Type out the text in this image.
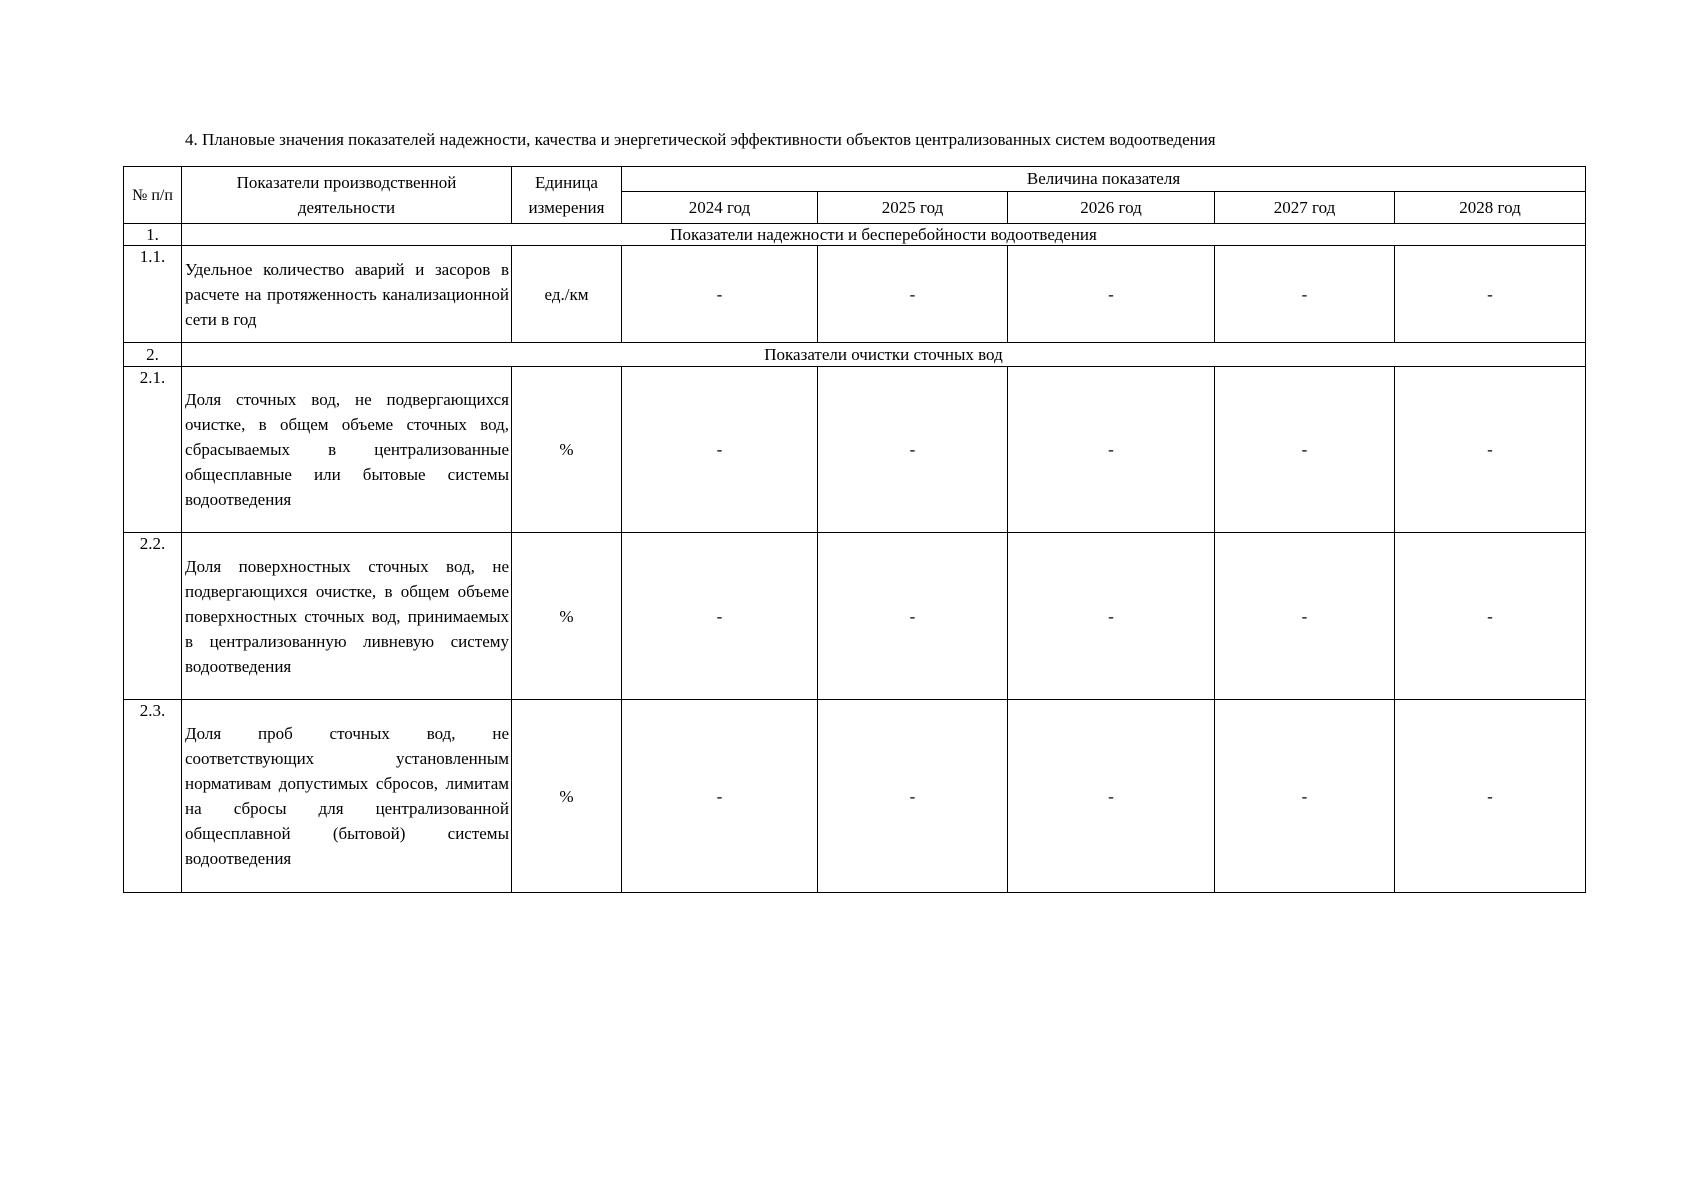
4. Плановые значения показателей надежности, качества и энергетической эффективности объектов централизованных систем водоотведения
№ п/п	Показатели производственной деятельности	Единица измерения	Величина показателя				
			2024 год	2025 год	2026 год	2027 год	2028 год
1.	Показатели надежности и бесперебойности водоотведения						
1.1.	Удельное количество аварий и засоров в расчете на протяженность канализационной сети в год	ед./км	-	-	-	-	-
2.	Показатели очистки сточных вод						
2.1.	Доля сточных вод, не подвергающихся очистке, в общем объеме сточных вод, сбрасываемых в централизованные общесплавные или бытовые системы водоотведения	%	-	-	-	-	-
2.2.	Доля поверхностных сточных вод, не подвергающихся очистке, в общем объеме поверхностных сточных вод, принимаемых в централизованную ливневую систему водоотведения	%	-	-	-	-	-
2.3.	Доля проб сточных вод, не соответствующих установленным нормативам допустимых сбросов, лимитам на сбросы для централизованной общесплавной (бытовой) системы водоотведения	%	-	-	-	-	-
